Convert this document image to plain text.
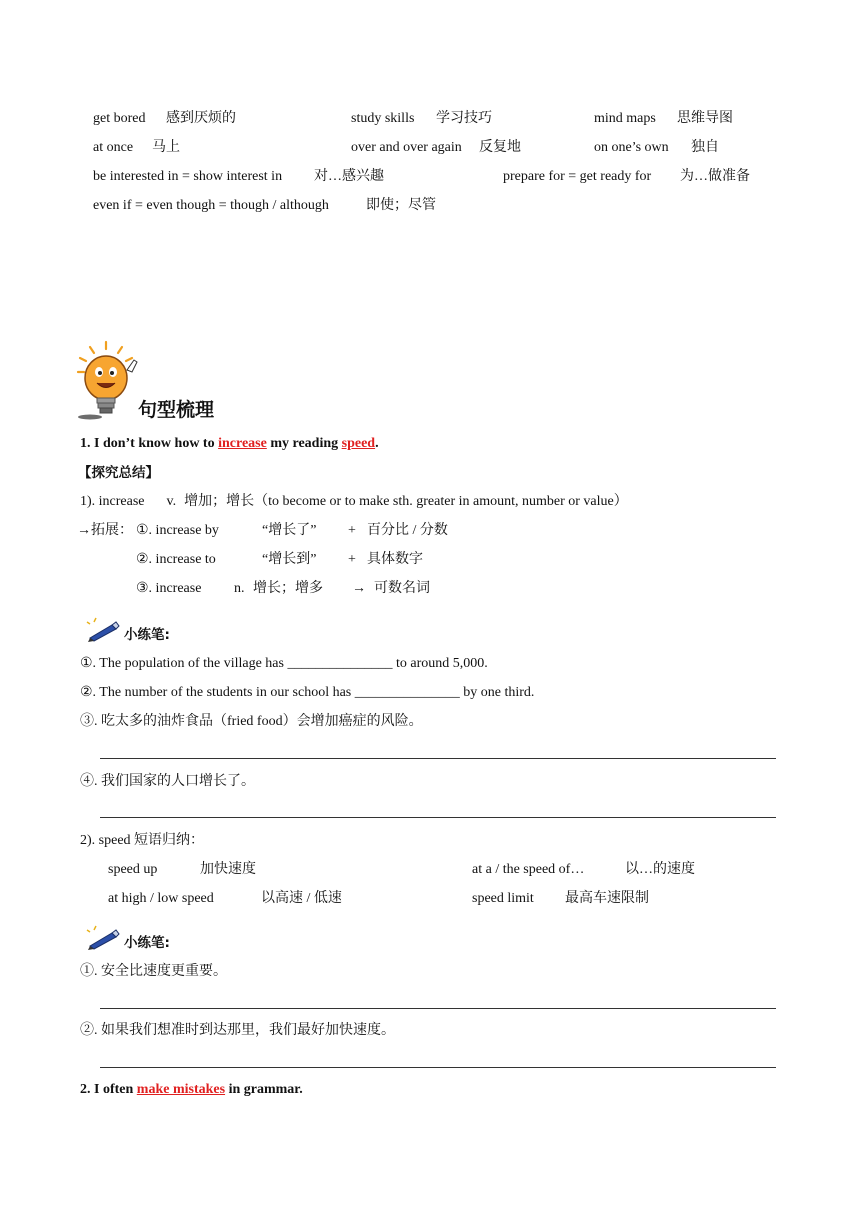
get bored 感到厌烦的	study skills 学习技巧	mind maps 思维导图
at once 马上	over and over again 反复地	on one’s own 独自
be interested in = show interest in 对…感兴趣	prepare for = get ready for 为…做准备
even if = even though = though / although	即使；尽管
句型梳理
1. I don’t know how to increase my reading speed.
【探究总结】
1). increase v. 增加；增长（to become or to make sth. greater in amount, number or value）
→拓展： ①. increase by	“增长了” + 百分比 / 分数
②. increase to	“增长到” + 具体数字
③. increase n. 增长；增多 → 可数名词
小练笔:
①. The population of the village has _______________ to around 5,000.
②. The number of the students in our school has _______________ by one third.
③. 吃太多的油炸食品（fried food）会增加癌症的风险。
④. 我们国家的人口增长了。
2). speed 短语归纳：
speed up	加快速度	at a / the speed of…	以…的速度
at high / low speed	以高速 / 低速	speed limit 最高车速限制
小练笔:
①. 安全比速度更重要。
②. 如果我们想准时到达那里，我们最好加快速度。
2. I often make mistakes in grammar.
